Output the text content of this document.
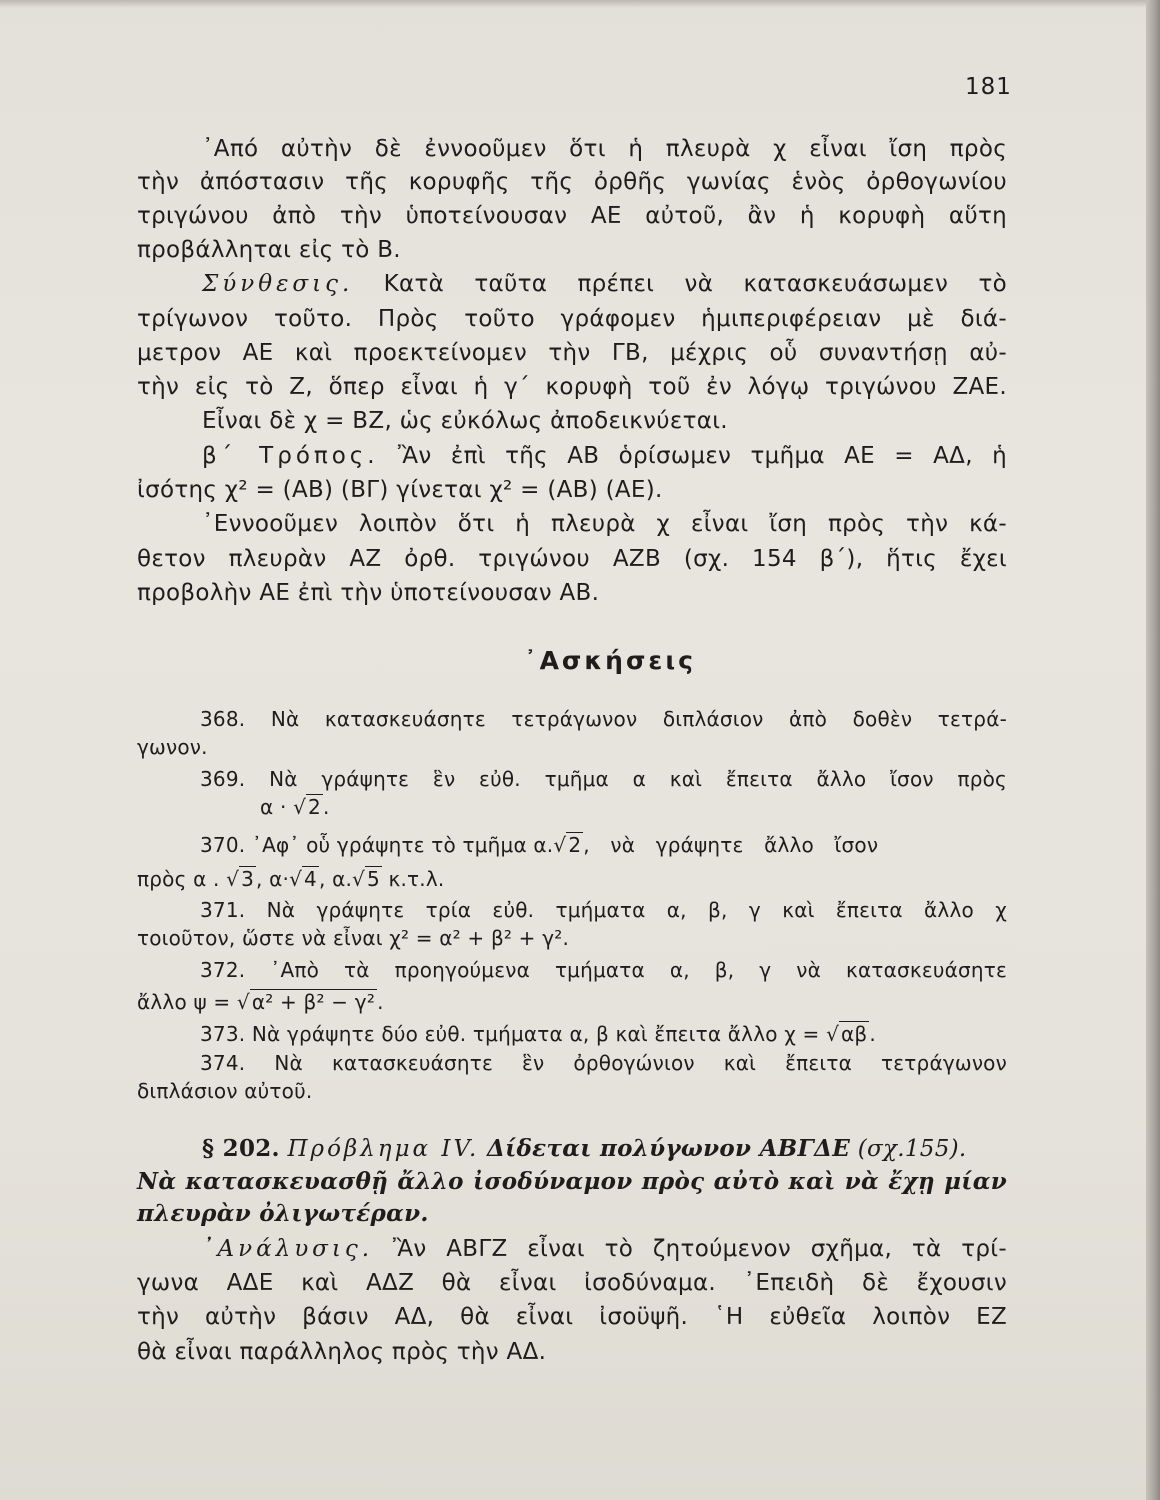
181
᾿Από αὐτὴν δὲ ἐννοοῦμεν ὅτι ἡ πλευρὰ χ εἶναι ἴση πρὸς
τὴν ἀπόστασιν τῆς κορυφῆς τῆς ὀρθῆς γωνίας ἑνὸς ὀρθογωνίου
τριγώνου ἀπὸ τὴν ὑποτείνουσαν ΑΕ αὐτοῦ, ἂν ἡ κορυφὴ αὕτη
προβάλληται εἰς τὸ Β.
Σύνθεσις. Κατὰ ταῦτα πρέπει νὰ κατασκευάσωμεν τὸ
τρίγωνον τοῦτο. Πρὸς τοῦτο γράφομεν ἡμιπεριφέρειαν μὲ διά-
μετρον ΑΕ καὶ προεκτείνομεν τὴν ΓΒ, μέχρις οὗ συναντήσῃ αὐ-
τὴν εἰς τὸ Ζ, ὅπερ εἶναι ἡ γ΄ κορυφὴ τοῦ ἐν λόγῳ τριγώνου ΖΑΕ.
Εἶναι δὲ χ = ΒΖ, ὡς εὐκόλως ἀποδεικνύεται.
β΄ Τρόπος. Ἂν ἐπὶ τῆς ΑΒ ὁρίσωμεν τμῆμα ΑΕ = ΑΔ, ἡ
ἰσότης χ² = (ΑΒ) (ΒΓ) γίνεται χ² = (ΑΒ) (ΑΕ).
᾿Εννοοῦμεν λοιπὸν ὅτι ἡ πλευρὰ χ εἶναι ἴση πρὸς τὴν κά-
θετον πλευρὰν ΑΖ ὀρθ. τριγώνου ΑΖΒ (σχ. 154 β΄), ἥτις ἔχει
προβολὴν ΑΕ ἐπὶ τὴν ὑποτείνουσαν ΑΒ.
᾿Ασκήσεις
368. Νὰ κατασκευάσητε τετράγωνον διπλάσιον ἀπὸ δοθὲν τετρά-
γωνον.
369. Νὰ γράψητε ἓν εὐθ. τμῆμα α καὶ ἔπειτα ἄλλο ἴσον πρὸς
α · √ 2 .
370. ᾿Αφ᾿ οὗ γράψητε τὸ τμῆμα α.√ 2 , νὰ γράψητε ἄλλο ἴσον
πρὸς α . √ 3 , α·√ 4 , α.√ 5 κ.τ.λ.
371. Νὰ γράψητε τρία εὐθ. τμήματα α, β, γ καὶ ἔπειτα ἄλλο χ
τοιοῦτον, ὥστε νὰ εἶναι χ² = α² + β² + γ².
372. ᾿Απὸ τὰ προηγούμενα τμήματα α, β, γ νὰ κατασκευάσητε
ἄλλο ψ = √ α² + β² − γ² .
373. Νὰ γράψητε δύο εὐθ. τμήματα α, β καὶ ἔπειτα ἄλλο χ = √ αβ .
374. Νὰ κατασκευάσητε ἓν ὀρθογώνιον καὶ ἔπειτα τετράγωνον
διπλάσιον αὐτοῦ.
§ 202. Πρόβλημα IV. Δίδεται πολύγωνον ΑΒΓΔΕ (σχ.155).
Νὰ κατασκευασθῇ ἄλλο ἰσοδύναμον πρὸς αὐτὸ καὶ νὰ ἔχῃ μίαν
πλευρὰν ὀλιγωτέραν.
᾿Ανάλυσις. Ἂν ΑΒΓΖ εἶναι τὸ ζητούμενον σχῆμα, τὰ τρί-
γωνα ΑΔΕ καὶ ΑΔΖ θὰ εἶναι ἰσοδύναμα. ᾿Επειδὴ δὲ ἔχουσιν
τὴν αὐτὴν βάσιν ΑΔ, θὰ εἶναι ἰσοϋψῆ. ῾Η εὐθεῖα λοιπὸν ΕΖ
θὰ εἶναι παράλληλος πρὸς τὴν ΑΔ.
